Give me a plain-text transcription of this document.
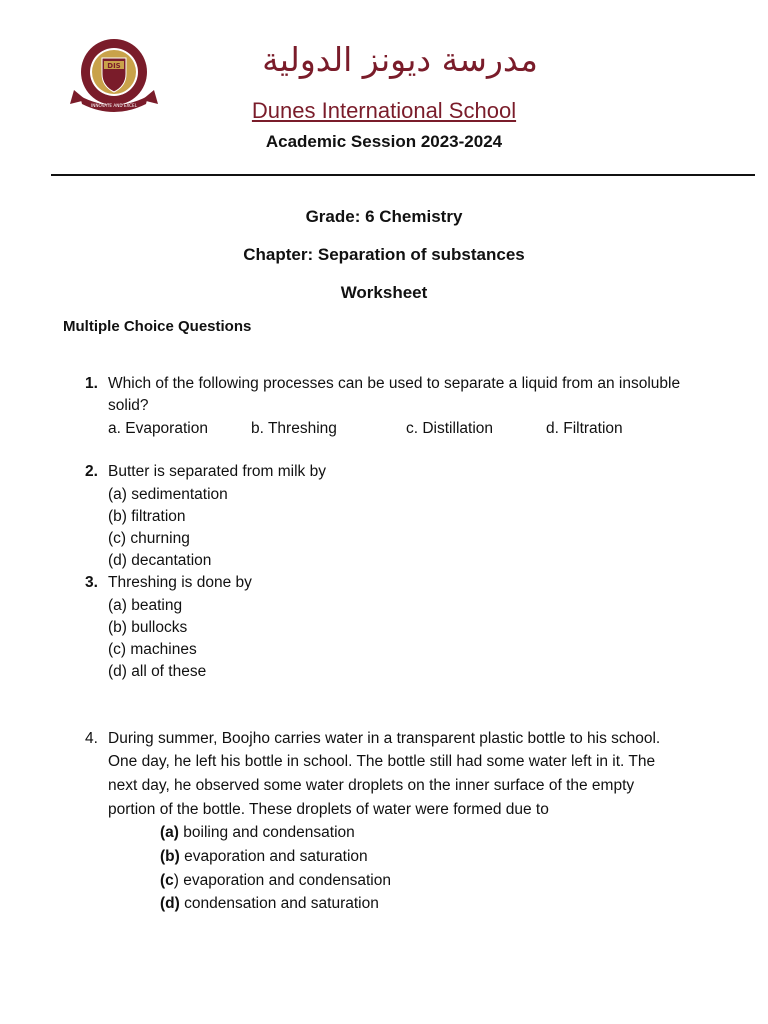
DIS
INNOVATE AND EXCEL
مدرسة ديونز الدولية
Dunes International School
Academic Session 2023-2024
Grade: 6 Chemistry
Chapter: Separation of substances
Worksheet
Multiple Choice Questions
1. Which of the following processes can be used to separate a liquid from an insoluble
solid?
a. Evaporation	b. Threshing	c. Distillation	d. Filtration
2. Butter is separated from milk by
(a) sedimentation
(b) filtration
(c) churning
(d) decantation
3. Threshing is done by
(a) beating
(b) bullocks
(c) machines
(d) all of these
4. During summer, Boojho carries water in a transparent plastic bottle to his school.
One day, he left his bottle in school. The bottle still had some water left in it. The
next day, he observed some water droplets on the inner surface of the empty
portion of the bottle. These droplets of water were formed due to
(a) boiling and condensation
(b) evaporation and saturation
(c) evaporation and condensation
(d) condensation and saturation
